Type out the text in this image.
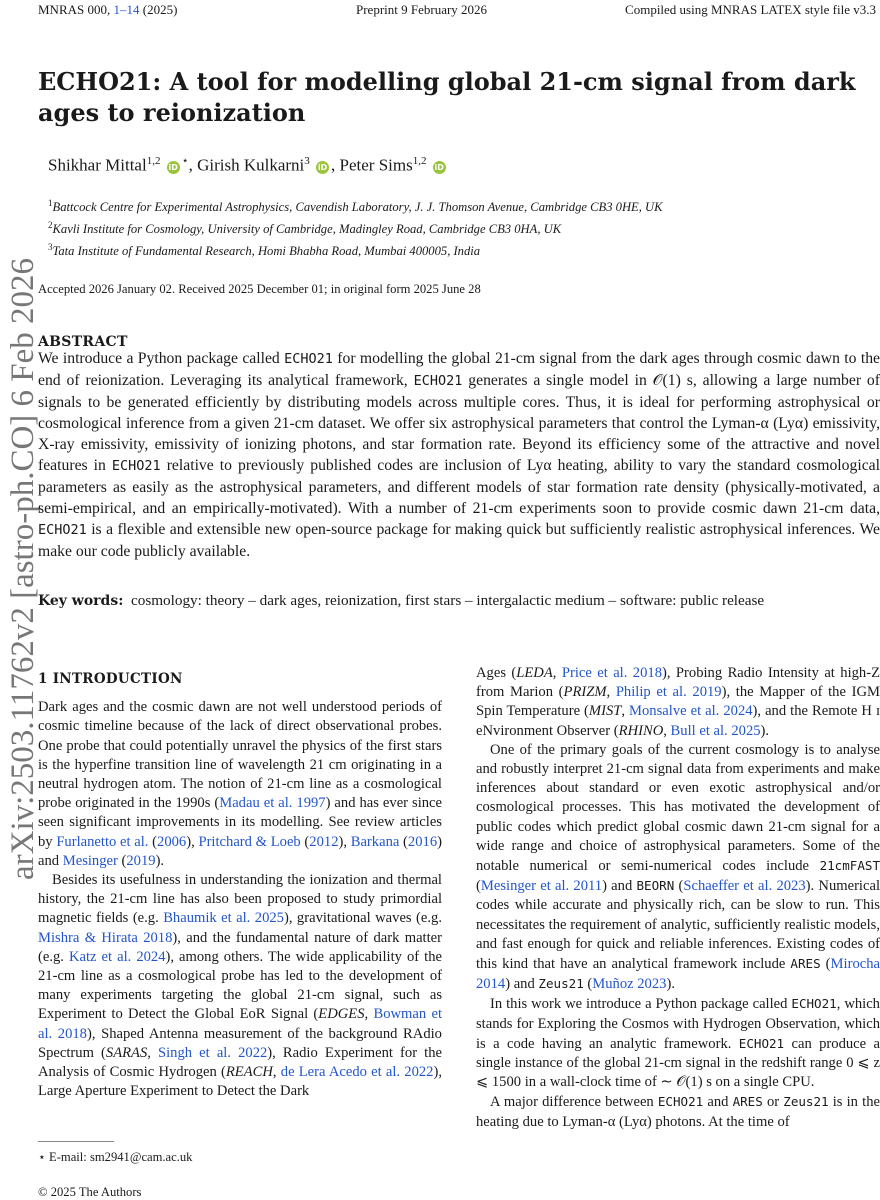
MNRAS 000, 1–14 (2025)	Preprint 9 February 2026	Compiled using MNRAS LATEX style file v3.3
arXiv:2503.11762v2 [astro-ph.CO] 6 Feb 2026
ECHO21: A tool for modelling global 21-cm signal from dark ages to reionization
Shikhar Mittal$^{1,2}$ iD⋆, Girish Kulkarni$^3$ iD , Peter Sims$^{1,2}$ iD
$^1$Battcock Centre for Experimental Astrophysics, Cavendish Laboratory, J. J. Thomson Avenue, Cambridge CB3 0HE, UK
$^2$Kavli Institute for Cosmology, University of Cambridge, Madingley Road, Cambridge CB3 0HA, UK
$^3$Tata Institute of Fundamental Research, Homi Bhabha Road, Mumbai 400005, India
Accepted 2026 January 02. Received 2025 December 01; in original form 2025 June 28
ABSTRACT

We introduce a Python package called ECHO21 for modelling the global 21-cm signal from the dark ages through cosmic dawn to the end of reionization. Leveraging its analytical framework, ECHO21 generates a single model in 𝒪(1) s, allowing a large number of signals to be generated efficiently by distributing models across multiple cores. Thus, it is ideal for performing astrophysical or cosmological inference from a given 21-cm dataset. We offer six astrophysical parameters that control the Lyman-α (Lyα) emissivity, X-ray emissivity, emissivity of ionizing photons, and star formation rate. Beyond its efficiency some of the attractive and novel features in ECHO21 relative to previously published codes are inclusion of Lyα heating, ability to vary the standard cosmological parameters as easily as the astrophysical parameters, and different models of star formation rate density (physically-motivated, a semi-empirical, and an empirically-motivated). With a number of 21-cm experiments soon to provide cosmic dawn 21-cm data, ECHO21 is a flexible and extensible new open-source package for making quick but sufficiently realistic astrophysical inferences. We make our code publicly available.

Key words: cosmology: theory – dark ages, reionization, first stars – intergalactic medium – software: public release
1 INTRODUCTION

Dark ages and the cosmic dawn are not well understood periods of cosmic timeline because of the lack of direct observational probes. One probe that could potentially unravel the physics of the first stars is the hyperfine transition line of wavelength 21 cm originating in a neutral hydrogen atom. The notion of 21-cm line as a cosmological probe originated in the 1990s (Madau et al. 1997) and has ever since seen significant improvements in its modelling. See review articles by Furlanetto et al. (2006), Pritchard & Loeb (2012), Barkana (2016) and Mesinger (2019).

Besides its usefulness in understanding the ionization and thermal history, the 21-cm line has also been proposed to study primordial magnetic fields (e.g. Bhaumik et al. 2025), gravitational waves (e.g. Mishra & Hirata 2018), and the fundamental nature of dark matter (e.g. Katz et al. 2024), among others. The wide applicability of the 21-cm line as a cosmological probe has led to the development of many experiments targeting the global 21-cm signal, such as Experiment to Detect the Global EoR Signal (EDGES, Bowman et al. 2018), Shaped Antenna measurement of the background RAdio Spectrum (SARAS, Singh et al. 2022), Radio Experiment for the Analysis of Cosmic Hydrogen (REACH, de Lera Acedo et al. 2022), Large Aperture Experiment to Detect the Dark

Ages (LEDA, Price et al. 2018), Probing Radio Intensity at high-Z from Marion (PRIZM, Philip et al. 2019), the Mapper of the IGM Spin Temperature (MIST, Monsalve et al. 2024), and the Remote H ɪ eNvironment Observer (RHINO, Bull et al. 2025).

One of the primary goals of the current cosmology is to analyse and robustly interpret 21-cm signal data from experiments and make inferences about standard or even exotic astrophysical and/or cosmological processes. This has motivated the development of public codes which predict global cosmic dawn 21-cm signal for a wide range and choice of astrophysical parameters. Some of the notable numerical or semi-numerical codes include 21cmFAST (Mesinger et al. 2011) and BEORN (Schaeffer et al. 2023). Numerical codes while accurate and physically rich, can be slow to run. This necessitates the requirement of analytic, sufficiently realistic models, and fast enough for quick and reliable inferences. Existing codes of this kind that have an analytical framework include ARES (Mirocha 2014) and Zeus21 (Muñoz 2023).

In this work we introduce a Python package called ECHO21, which stands for Exploring the Cosmos with Hydrogen Observation, which is a code having an analytic framework. ECHO21 can produce a single instance of the global 21-cm signal in the redshift range 0 ⩽ z ⩽ 1500 in a wall-clock time of ∼ 𝒪(1) s on a single CPU.

A major difference between ECHO21 and ARES or Zeus21 is in the heating due to Lyman-α (Lyα) photons. At the time of

⋆ E-mail: sm2941@cam.ac.uk
© 2025 The Authors
